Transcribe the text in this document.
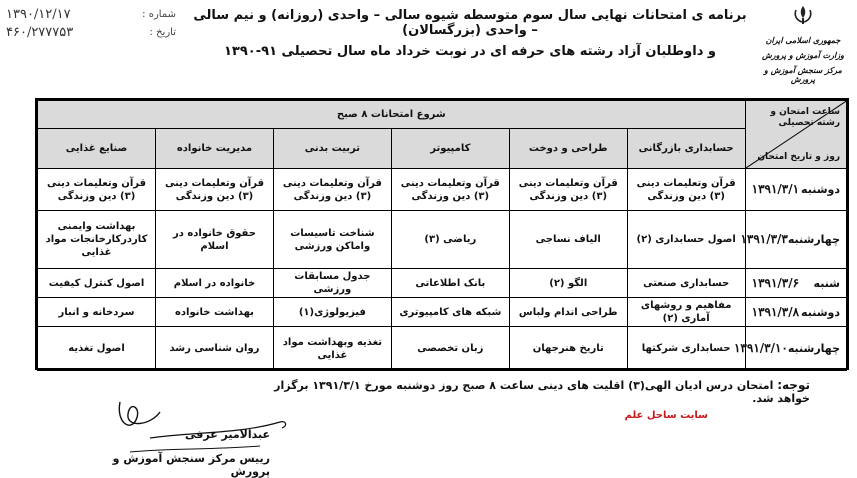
شماره :
۱۳۹۰/۱۲/۱۷
تاریخ :
۴۶۰/۲۷۷۷۵۳
برنامه ی امتحانات نهایی سال سوم متوسطه شیوه سالی – واحدی (روزانه) و نیم سالی – واحدی (بزرگسالان)
و داوطلبان آزاد رشته های حرفه ای در نوبت خرداد ماه سال تحصیلی ۹۱-۱۳۹۰
جمهوری اسلامی ایران
وزارت آموزش و پرورش
مرکز سنجش آموزش و پرورش
ساعت امتحان و رشته تحصیلی
روز و تاریخ امتحان	شروع امتحانات ۸ صبح					
	حسابداری بازرگانی	طراحی و دوخت	کامپیوتر	تربیت بدنی	مدیریت خانواده	صنایع غذایی

دوشنبه
۱۳۹۱/۳/۱	قرآن وتعلیمات دینی (۳) دین وزندگی	قرآن وتعلیمات دینی (۳) دین وزندگی	قرآن وتعلیمات دینی (۳) دین وزندگی	قرآن وتعلیمات دینی (۳) دین وزندگی	قرآن وتعلیمات دینی (۳) دین وزندگی	قرآن وتعلیمات دینی (۳) دین وزندگی

چهارشنبه
۱۳۹۱/۳/۳	اصول حسابداری (۲)	الیاف نساجی	ریاضی (۳)	شناخت تاسیسات واماکن ورزشی	حقوق خانواده در اسلام	بهداشت وایمنی کاردرکارخانجات مواد غذایی

شنبه
۱۳۹۱/۳/۶	حسابداری صنعتی	الگو (۲)	بانک اطلاعاتی	جدول مسابقات ورزشی	خانواده در اسلام	اصول کنترل کیفیت

دوشنبه
۱۳۹۱/۳/۸	مفاهیم و روشهای آماری (۲)	طراحی اندام ولباس	شبکه های کامپیوتری	فیزیولوژی(۱)	بهداشت خانواده	سردخانه و انبار

چهارشنبه
۱۳۹۱/۳/۱۰	حسابداری شرکتها	تاریخ هنرجهان	زبان تخصصی	تغذیه وبهداشت مواد غذایی	روان شناسی رشد	اصول تغذیه
توجه: امتحان درس ادیان الهی(۳) اقلیت های دینی ساعت ۸ صبح روز دوشنبه مورخ ۱۳۹۱/۳/۱ برگزار خواهد شد.
سایت ساحل علم
عبدالامیر عرفی
رییس مرکز سنجش آموزش و پرورش
